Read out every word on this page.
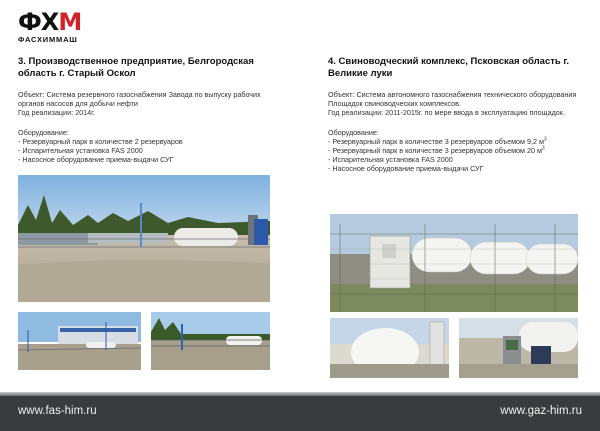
ФХМ
ФАСХИММАШ

3. Производственное предприятие, Белгородская область г. Старый Оскол

Объект: Система резервного газоснабжения Завода по выпуску рабочих органов насосов для добычи нефти

Год реализации: 2014г.

Оборудование:

- Резервуарный парк в количестве 2 резервуаров
- Испарительная установка FAS 2000
- Насосное оборудование приема-выдачи СУГ

4. Свиноводческий комплекс, Псковская область г. Великие луки

Объект: Система автономного газоснабжения технического оборудования Площадок свиноводческих комплексов.

Год реализации: 2011-2015г. по мере ввода в эксплуатацию площадок.

Оборудование:

- Резервуарный парк в количестве 3 резервуаров объемом 9,2 $м^3$
- Резервуарный парк в количестве 3 резервуаров объемом 20 $м^3$
- Испарительная установка FAS 2000
- Насосное оборудование приема-выдачи СУГ
www.fas-him.ru	www.gaz-him.ru
